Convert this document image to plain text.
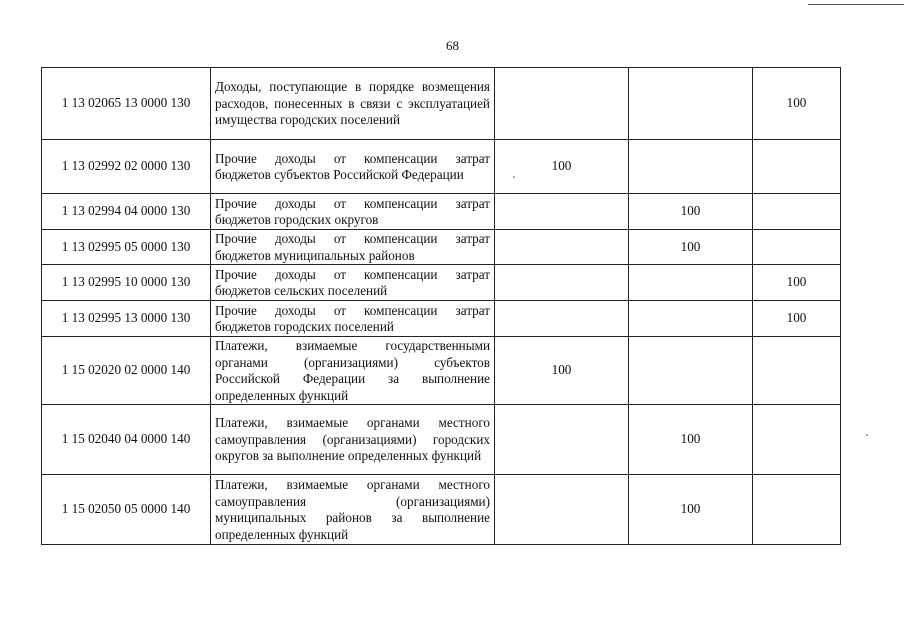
68
1 13 02065 13 0000 130	Доходы, поступающие в порядке возмещения расходов, понесенных в связи с эксплуатацией имущества городских поселений			100
1 13 02992 02 0000 130	Прочие доходы от компенсации затрат бюджетов субъектов Российской Федерации	100		
1 13 02994 04 0000 130	Прочие доходы от компенсации затрат бюджетов городских округов		100	
1 13 02995 05 0000 130	Прочие доходы от компенсации затрат бюджетов муниципальных районов		100	
1 13 02995 10 0000 130	Прочие доходы от компенсации затрат бюджетов сельских поселений			100
1 13 02995 13 0000 130	Прочие доходы от компенсации затрат бюджетов городских поселений			100
1 15 02020 02 0000 140	Платежи, взимаемые государственными органами (организациями) субъектов Российской Федерации за выполнение определенных функций	100		
1 15 02040 04 0000 140	Платежи, взимаемые органами местного самоуправления (организациями) городских округов за выполнение определенных функций		100	
1 15 02050 05 0000 140	Платежи, взимаемые органами местного самоуправления (организациями) муниципальных районов за выполнение определенных функций		100	
